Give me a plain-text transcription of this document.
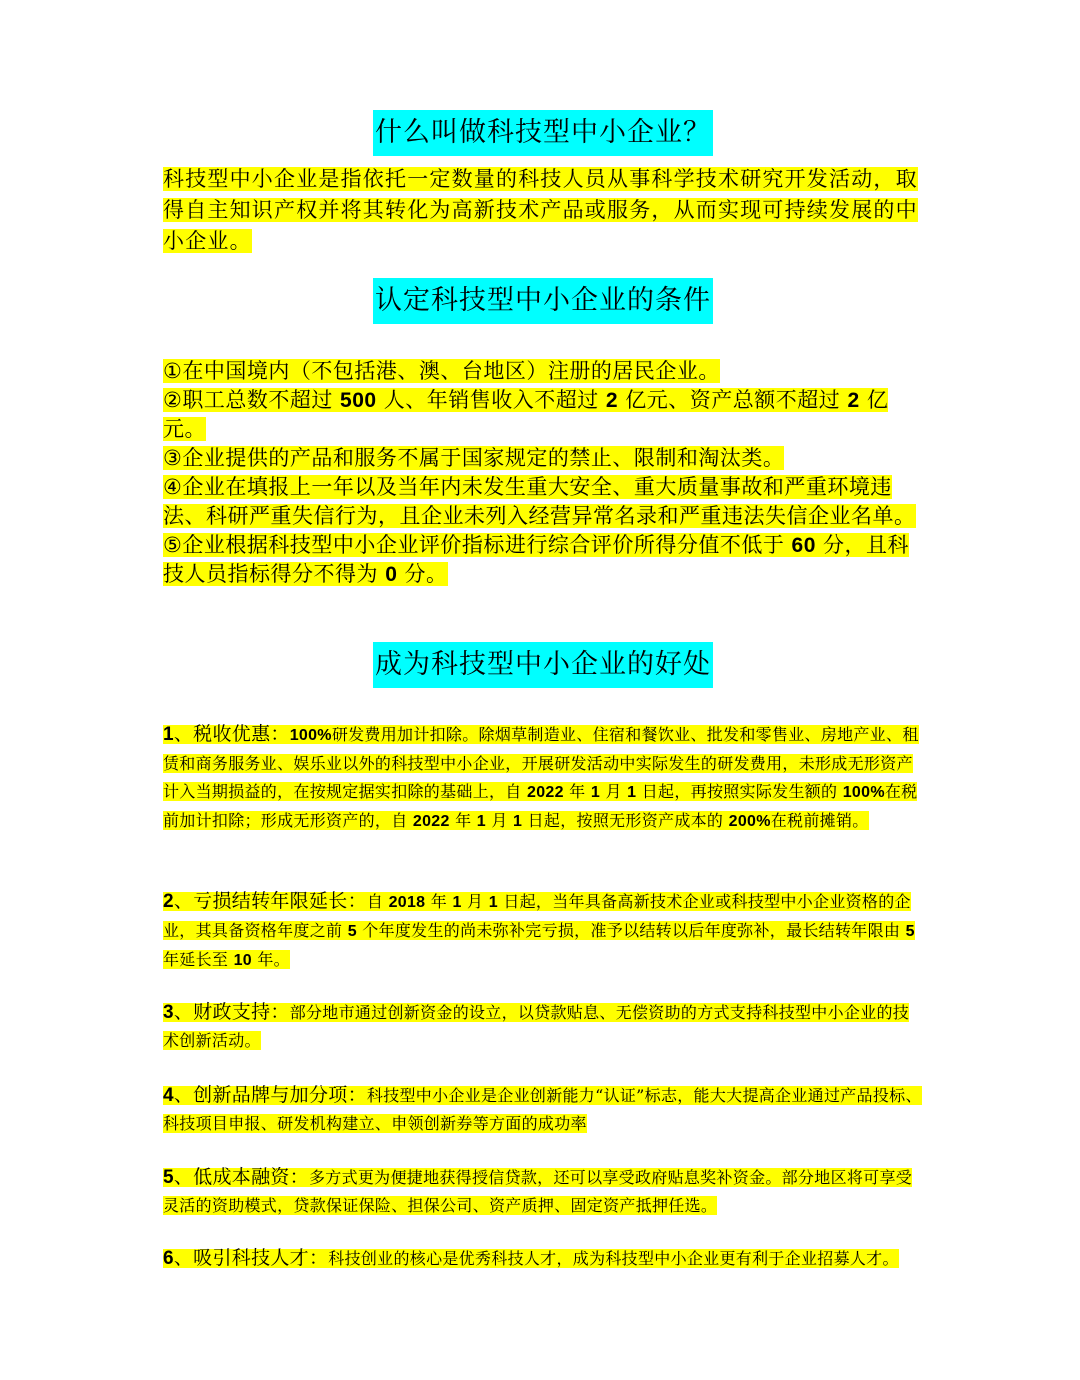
什么叫做科技型中小企业？

科技型中小企业是指依托一定数量的科技人员从事科学技术研究开发活动，取得自主知识产权并将其转化为高新技术产品或服务，从而实现可持续发展的中小企业。

认定科技型中小企业的条件
①在中国境内（不包括港、澳、台地区）注册的居民企业。
②职工总数不超过 500 人、年销售收入不超过 2 亿元、资产总额不超过 2 亿元。
③企业提供的产品和服务不属于国家规定的禁止、限制和淘汰类。
④企业在填报上一年以及当年内未发生重大安全、重大质量事故和严重环境违法、科研严重失信行为，且企业未列入经营异常名录和严重违法失信企业名单。
⑤企业根据科技型中小企业评价指标进行综合评价所得分值不低于 60 分，且科技人员指标得分不得为 0 分。
成为科技型中小企业的好处

1、税收优惠：100%研发费用加计扣除。除烟草制造业、住宿和餐饮业、批发和零售业、房地产业、租赁和商务服务业、娱乐业以外的科技型中小企业，开展研发活动中实际发生的研发费用，未形成无形资产计入当期损益的，在按规定据实扣除的基础上，自 2022 年 1 月 1 日起，再按照实际发生额的 100%在税前加计扣除；形成无形资产的，自 2022 年 1 月 1 日起，按照无形资产成本的 200%在税前摊销。

2、亏损结转年限延长：自 2018 年 1 月 1 日起，当年具备高新技术企业或科技型中小企业资格的企业，其具备资格年度之前 5 个年度发生的尚未弥补完亏损，准予以结转以后年度弥补，最长结转年限由 5 年延长至 10 年。

3、财政支持：部分地市通过创新资金的设立，以贷款贴息、无偿资助的方式支持科技型中小企业的技术创新活动。

4、创新品牌与加分项：科技型中小企业是企业创新能力“认证”标志，能大大提高企业通过产品投标、科技项目申报、研发机构建立、申领创新券等方面的成功率

5、低成本融资：多方式更为便捷地获得授信贷款，还可以享受政府贴息奖补资金。部分地区将可享受灵活的资助模式，贷款保证保险、担保公司、资产质押、固定资产抵押任选。

6、吸引科技人才：科技创业的核心是优秀科技人才，成为科技型中小企业更有利于企业招募人才。
